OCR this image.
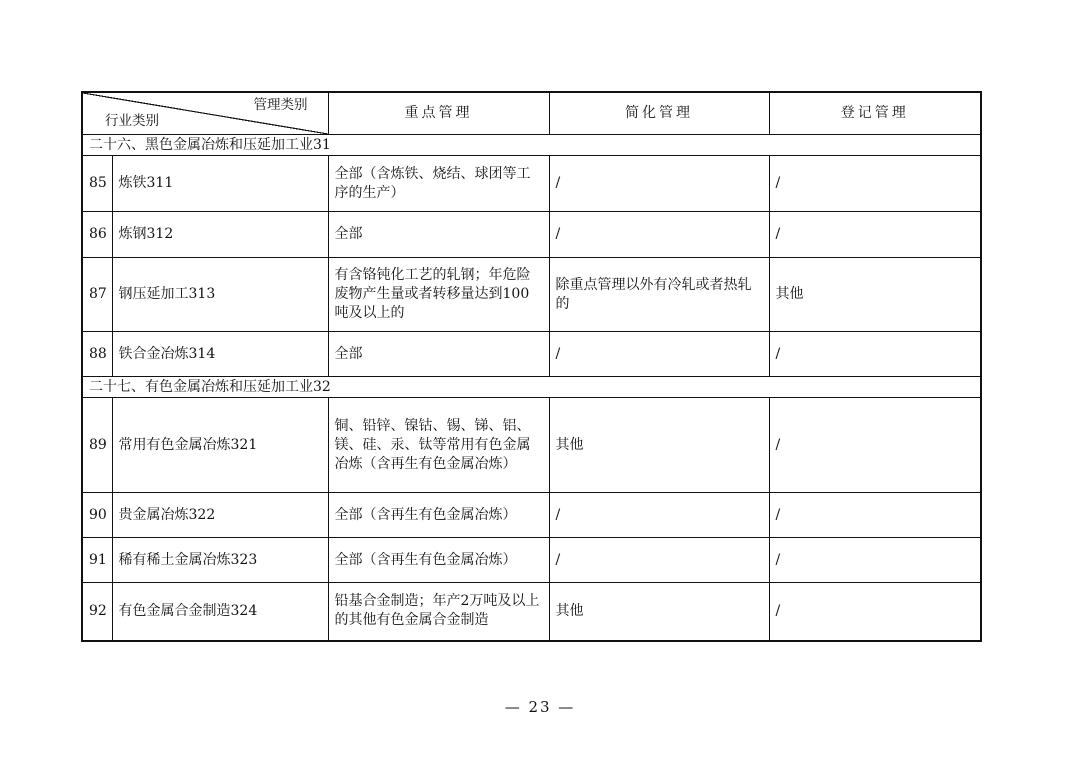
管理类别
行业类别		重点管理	简化管理	登记管理
二十六、黑色金属冶炼和压延加工业31				
85	炼铁311	全部（含炼铁、烧结、球团等工序的生产）	/	/
86	炼钢312	全部	/	/
87	钢压延加工313	有含铬钝化工艺的轧钢；年危险废物产生量或者转移量达到100吨及以上的	除重点管理以外有冷轧或者热轧的	其他
88	铁合金冶炼314	全部	/	/
二十七、有色金属冶炼和压延加工业32				
89	常用有色金属冶炼321	铜、铅锌、镍钴、锡、锑、铝、镁、硅、汞、钛等常用有色金属冶炼（含再生有色金属冶炼）	其他	/
90	贵金属冶炼322	全部（含再生有色金属冶炼）	/	/
91	稀有稀土金属冶炼323	全部（含再生有色金属冶炼）	/	/
92	有色金属合金制造324	铅基合金制造；年产2万吨及以上的其他有色金属合金制造	其他	/
— 23 —
